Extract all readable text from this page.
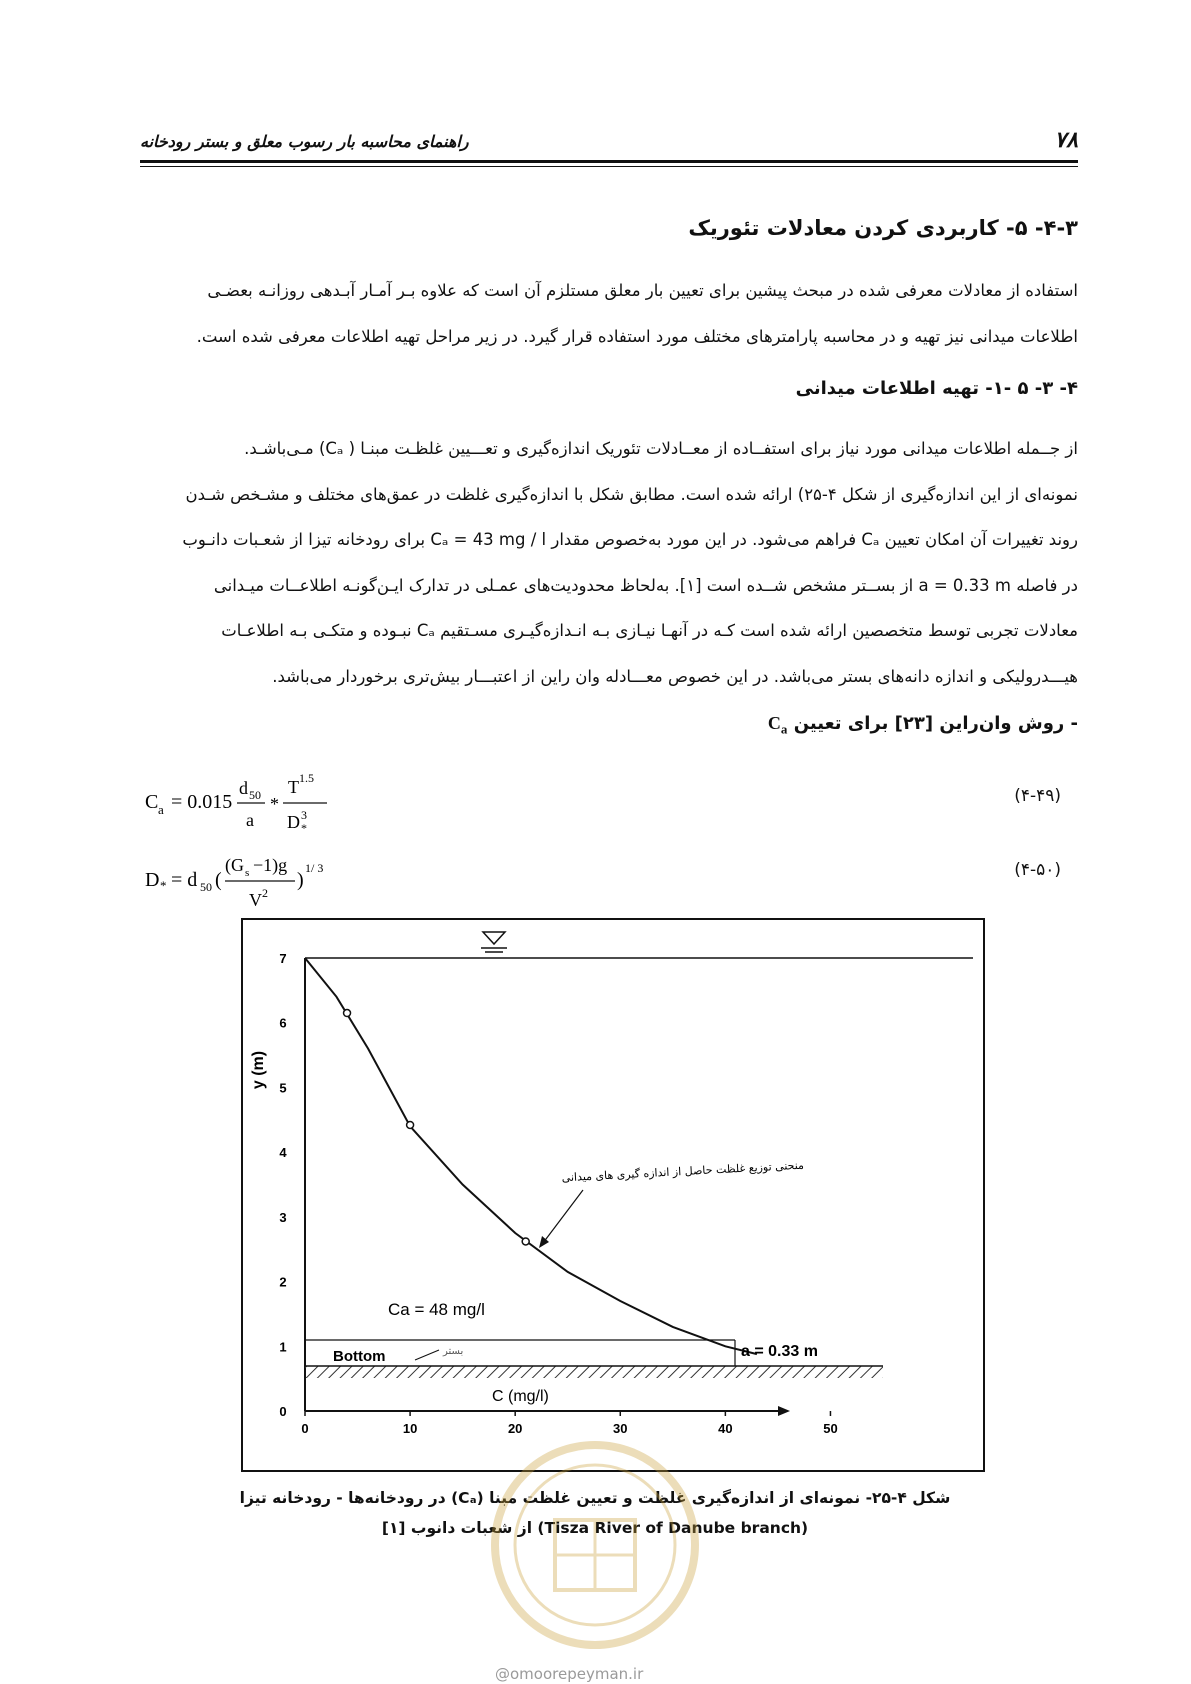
۷۸
راهنمای محاسبه بار رسوب معلق و بستر رودخانه
۴-۳- ۵- کاربردی کردن معادلات تئوریک
استفاده از معادلات معرفی شده در مبحث پیشین برای تعیین بار معلق مستلزم آن است که علاوه بـر آمـار آبـدهی روزانـه بعضـی
اطلاعات میدانی نیز تهیه و در محاسبه پارامترهای مختلف مورد استفاده قرار گیرد. در زیر مراحل تهیه اطلاعات معرفی شده است.
۴- ۳- ۵ -۱- تهیه اطلاعات میدانی
از جــمله اطلاعات میدانی مورد نیاز برای استفــاده از معــادلات تئوریک اندازه‌گیری و تعـــیین غلظـت مبنـا ( Cₐ) مـی‌باشـد.
نمونه‌ای از این اندازه‌گیری از شکل ۴-۲۵) ارائه شده است. مطابق شکل با اندازه‌گیری غلظت در عمق‌های مختلف و مشـخص شـدن
روند تغییرات آن امکان تعیین Cₐ فراهم می‌شود. در این مورد به‌خصوص مقدار Cₐ = 43 mg / l برای رودخانه تیزا از شعـبات دانـوب
در فاصله a = 0.33 m از بســتر مشخص شــده است [۱]. به‌لحاظ محدودیت‌های عمـلی در تدارک ایـن‌گونـه اطلاعــات میـدانی
معادلات تجربی توسط متخصصین ارائه شده است کـه در آنهـا نیـازی بـه انـدازه‌گیـری مسـتقیم Cₐ نبـوده و متکـی بـه اطلاعـات
هیـــدرولیکی و اندازه دانه‌های بستر می‌باشد. در این خصوص معـــادله وان راین از اعتبـــار بیش‌تری برخوردار می‌باشد.
- روش وان‌راین [۲۳] برای تعیین $C_a$
C a = 0.015
d 50
a
*
T 1.5
D 3
*
(۴-۴۹)
D * = d 50 (
(G s −1)g
V 2
)
1/ 3	(۴-۵۰)
0	10	20	30	40	50
0
1
2
3
4
5
6
7
C (mg/l)
y (m)
منحنی توزیع غلظت حاصل از اندازه گیری های میدانی
Ca = 48 mg/l
Bottom	بستر	a = 0.33 m
شکل ۴-۲۵- نمونه‌ای از اندازه‌گیری غلظت و تعیین غلظت مبنا (Cₐ) در رودخانه‌ها - رودخانه تیزا
(Tisza River of Danube branch) از شعبات دانوب [۱]
@omoorepeyman.ir
